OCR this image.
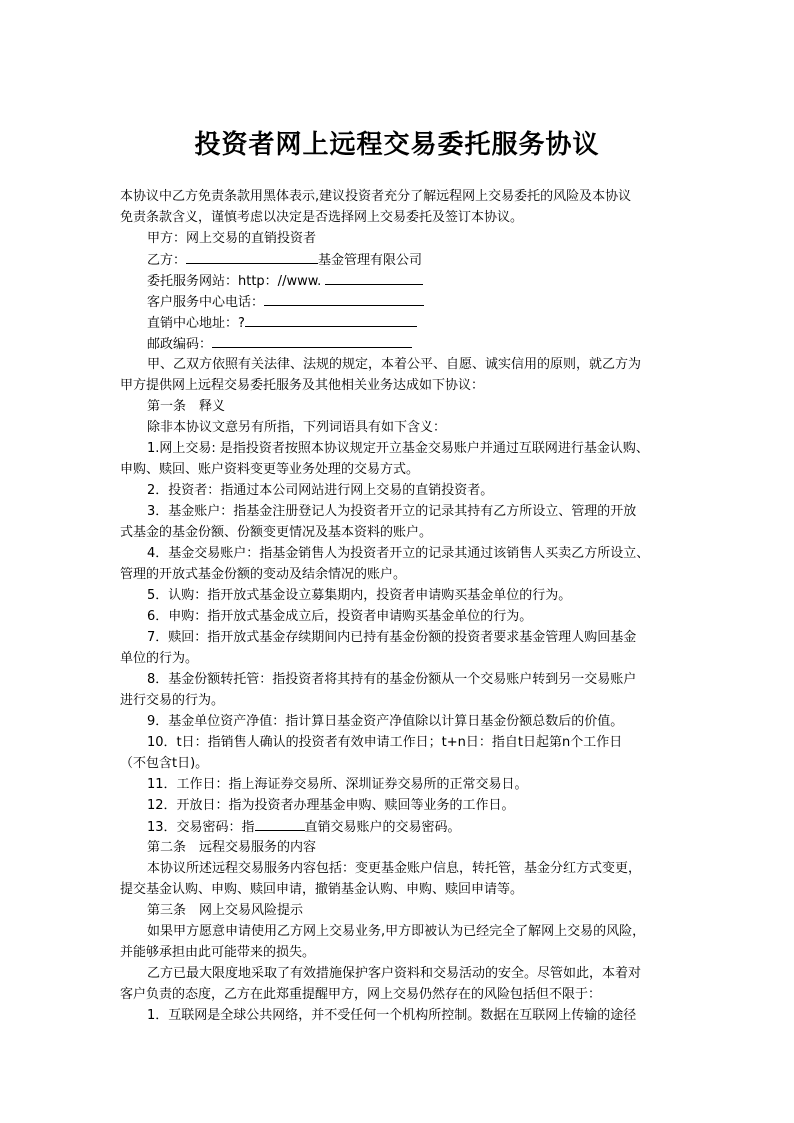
投资者网上远程交易委托服务协议
本协议中乙方免责条款用黑体表示,建议投资者充分了解远程网上交易委托的风险及本协议
免责条款含义，谨慎考虑以决定是否选择网上交易委托及签订本协议。
甲方：网上交易的直销投资者
乙方：	基金管理有限公司
委托服务网站：http：//www.
客户服务中心电话：
直销中心地址：?
邮政编码：
甲、乙双方依照有关法律、法规的规定，本着公平、自愿、诚实信用的原则，就乙方为
甲方提供网上远程交易委托服务及其他相关业务达成如下协议：
第一条　释义
除非本协议文意另有所指，下列词语具有如下含义：
1.网上交易: 是指投资者按照本协议规定开立基金交易账户并通过互联网进行基金认购、
申购、赎回、账户资料变更等业务处理的交易方式。
2．投资者：指通过本公司网站进行网上交易的直销投资者。
3．基金账户：指基金注册登记人为投资者开立的记录其持有乙方所设立、管理的开放
式基金的基金份额、份额变更情况及基本资料的账户。
4．基金交易账户：指基金销售人为投资者开立的记录其通过该销售人买卖乙方所设立、
管理的开放式基金份额的变动及结余情况的账户。
5．认购：指开放式基金设立募集期内，投资者申请购买基金单位的行为。
6．申购：指开放式基金成立后，投资者申请购买基金单位的行为。
7．赎回：指开放式基金存续期间内已持有基金份额的投资者要求基金管理人购回基金
单位的行为。
8．基金份额转托管：指投资者将其持有的基金份额从一个交易账户转到另一交易账户
进行交易的行为。
9．基金单位资产净值：指计算日基金资产净值除以计算日基金份额总数后的价值。
10．t日：指销售人确认的投资者有效申请工作日；t+n日：指自t日起第n个工作日
（不包含t日)。
11．工作日：指上海证券交易所、深圳证券交易所的正常交易日。
12．开放日：指为投资者办理基金申购、赎回等业务的工作日。
13．交易密码：指	直销交易账户的交易密码。
第二条　远程交易服务的内容
本协议所述远程交易服务内容包括：变更基金账户信息，转托管，基金分红方式变更，
提交基金认购、申购、赎回申请，撤销基金认购、申购、赎回申请等。
第三条　网上交易风险提示
如果甲方愿意申请使用乙方网上交易业务,甲方即被认为已经完全了解网上交易的风险，
并能够承担由此可能带来的损失。
乙方已最大限度地采取了有效措施保护客户资料和交易活动的安全。尽管如此，本着对
客户负责的态度，乙方在此郑重提醒甲方，网上交易仍然存在的风险包括但不限于：
1．互联网是全球公共网络，并不受任何一个机构所控制。数据在互联网上传输的途径
